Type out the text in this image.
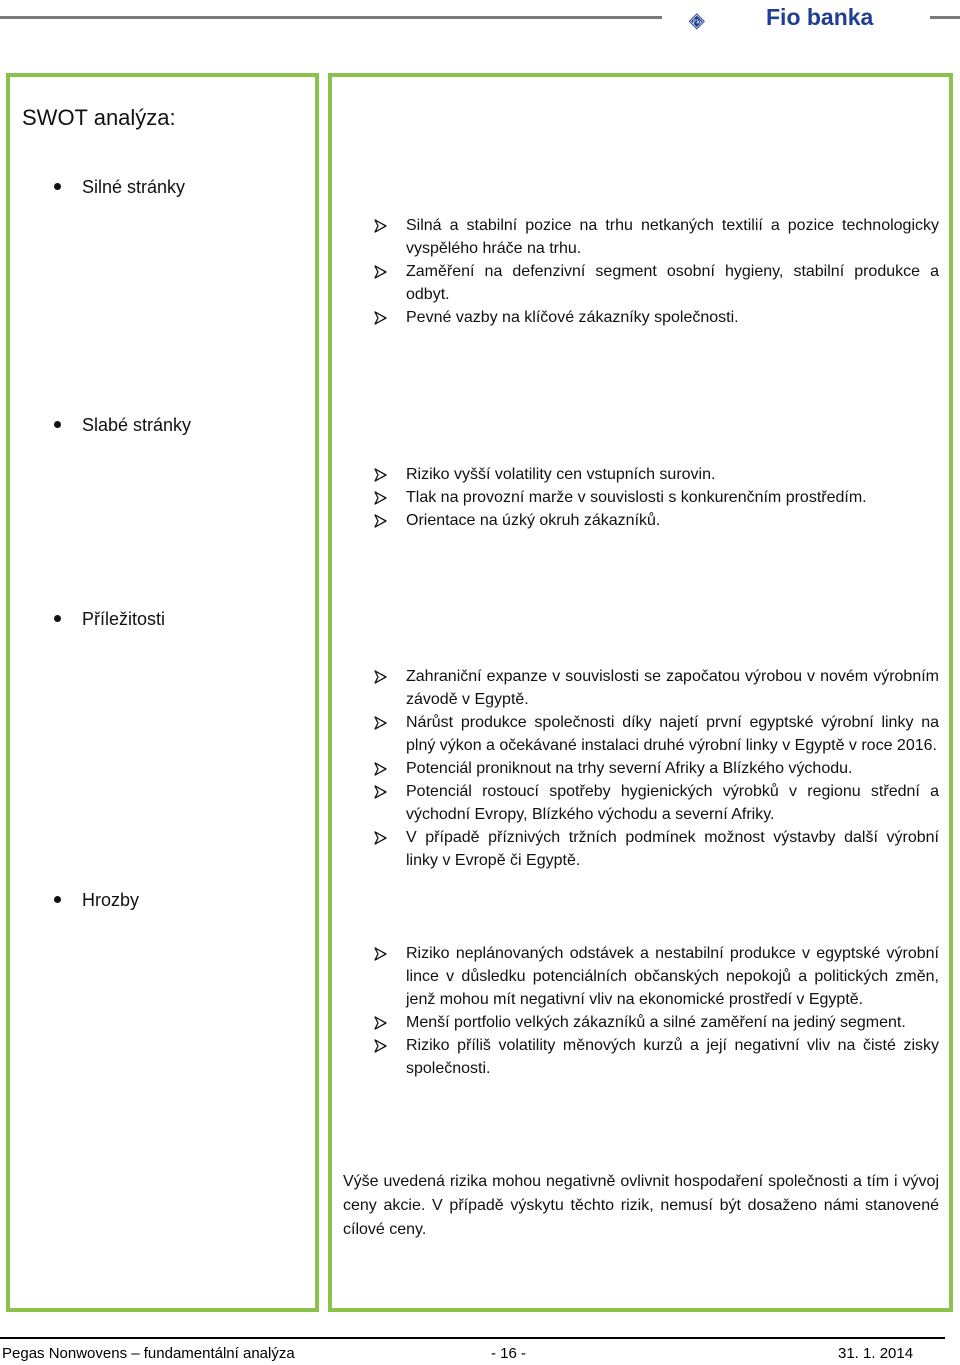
Fio	Fio banka
SWOT analýza:
Silné stránky
Slabé stránky
Příležitosti
Hrozby
Silná a stabilní pozice na trhu netkaných textilií a pozice technologicky vyspělého hráče na trhu.
Zaměření na defenzivní segment osobní hygieny, stabilní produkce a odbyt.
Pevné vazby na klíčové zákazníky společnosti.
Riziko vyšší volatility cen vstupních surovin.
Tlak na provozní marže v souvislosti s konkurenčním prostředím.
Orientace na úzký okruh zákazníků.
Zahraniční expanze v souvislosti se započatou výrobou v novém výrobním závodě v Egyptě.
Nárůst produkce společnosti díky najetí první egyptské výrobní linky na plný výkon a očekávané instalaci druhé výrobní linky v Egyptě v roce 2016.
Potenciál proniknout na trhy severní Afriky a Blízkého východu.
Potenciál rostoucí spotřeby hygienických výrobků v regionu střední a východní Evropy, Blízkého východu a severní Afriky.
V případě příznivých tržních podmínek možnost výstavby další výrobní linky v Evropě či Egyptě.
Riziko neplánovaných odstávek a nestabilní produkce v egyptské výrobní lince v důsledku potenciálních občanských nepokojů a politických změn, jenž mohou mít negativní vliv na ekonomické prostředí v Egyptě.
Menší portfolio velkých zákazníků a silné zaměření na jediný segment.
Riziko příliš volatility měnových kurzů a její negativní vliv na čisté zisky společnosti.

Výše uvedená rizika mohou negativně ovlivnit hospodaření společnosti a tím i vývoj ceny akcie. V případě výskytu těchto rizik, nemusí být dosaženo námi stanovené cílové ceny.

Pegas Nonwovens – fundamentální analýza	- 16 -	31. 1. 2014
